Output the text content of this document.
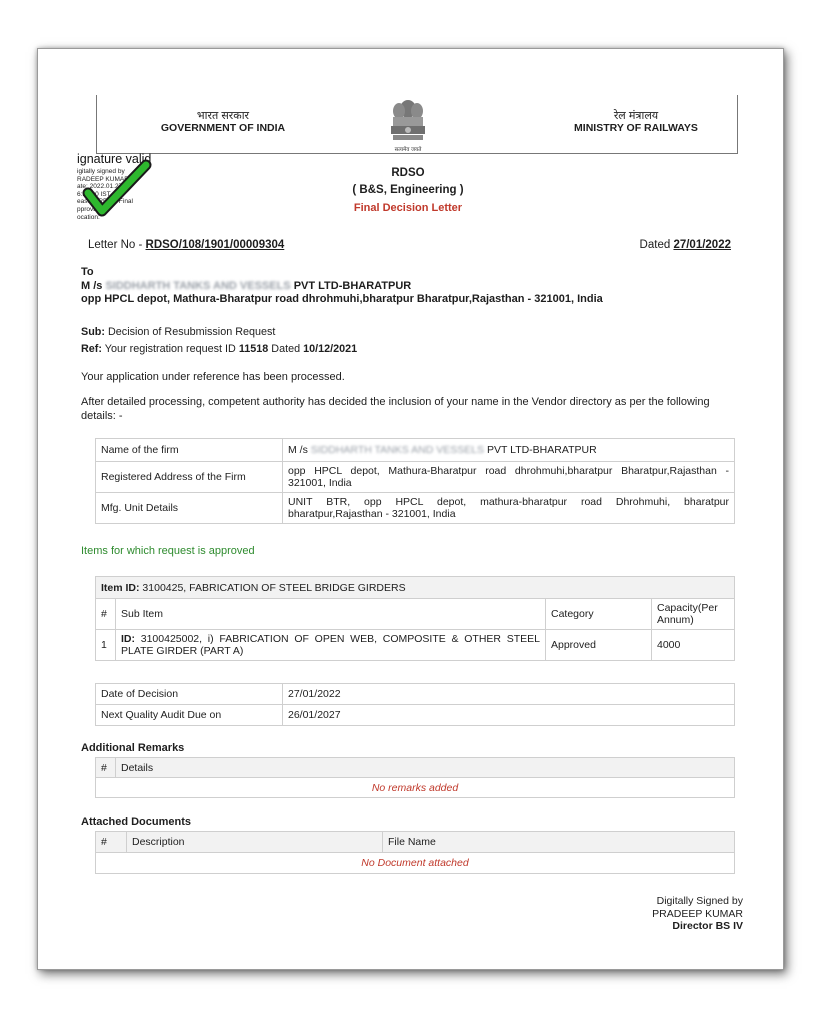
भारत सरकार
GOVERNMENT OF INDIA
रेल मंत्रालय
MINISTRY OF RAILWAYS
सत्यमेव जयते
RDSO
( B&S, Engineering )
Final Decision Letter
ignature valid
igitally signed by
RADEEP KUMAR
ate: 2022.01.27
6:15:00 IST
eason: RDSO Final
pproval
ocation:
Letter No - RDSO/108/1901/00009304	Dated 27/01/2022
To
M /s SIDDHARTH TANKS AND VESSELS PVT LTD-BHARATPUR
opp HPCL depot, Mathura-Bharatpur road dhrohmuhi,bharatpur Bharatpur,Rajasthan - 321001, India
Sub: Decision of Resubmission Request
Ref: Your registration request ID 11518 Dated 10/12/2021
Your application under reference has been processed.
After detailed processing, competent authority has decided the inclusion of your name in the Vendor directory as per the following details: -
Name of the firm	M /s SIDDHARTH TANKS AND VESSELS PVT LTD-BHARATPUR
Registered Address of the Firm	opp HPCL depot, Mathura-Bharatpur road dhrohmuhi,bharatpur Bharatpur,Rajasthan - 321001, India
Mfg. Unit Details	UNIT BTR, opp HPCL depot, mathura-bharatpur road Dhrohmuhi, bharatpur bharatpur,Rajasthan - 321001, India
Items for which request is approved
Item ID: 3100425, FABRICATION OF STEEL BRIDGE GIRDERS			
#	Sub Item	Category	Capacity(Per Annum)
1	ID: 3100425002, i) FABRICATION OF OPEN WEB, COMPOSITE & OTHER STEEL PLATE GIRDER (PART A)	Approved	4000
Date of Decision	27/01/2022
Next Quality Audit Due on	26/01/2027
Additional Remarks
#	Details
No remarks added
Attached Documents
#	Description	File Name
No Document attached
Digitally Signed by
PRADEEP KUMAR
Director BS IV
